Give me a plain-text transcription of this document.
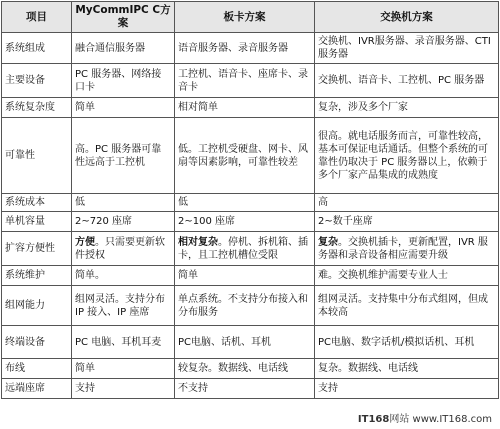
项目	MyCommIPC C方案	板卡方案	交换机方案
系统组成	融合通信服务器	语音服务器、录音服务器	交换机、IVR服务器、录音服务器、CTI 服务器
主要设备	PC 服务器、网络接口卡	工控机、语音卡、座席卡、录音卡	交换机、语音卡、工控机、PC 服务器
系统复杂度	简单	相对简单	复杂，涉及多个厂家
可靠性	高。PC 服务器可靠性远高于工控机	低。工控机受硬盘、网卡、风扇等因素影响，可靠性较差	很高。就电话服务而言，可靠性较高，基本可保证电话通话。但整个系统的可靠性仍取决于 PC 服务器以上，依赖于多个厂家产品集成的成熟度
系统成本	低	低	高
单机容量	2~720 座席	2~100 座席	2~数千座席
扩容方便性	方便。只需要更新软件授权	相对复杂。停机、拆机箱、插卡，且工控机槽位受限	复杂。交换机插卡，更新配置，IVR 服务器和录音设备相应需要升级
系统维护	简单。	简单	难。交换机维护需要专业人士
组网能力	组网灵活。支持分布 IP 接入、IP 座席	单点系统。不支持分布接入和分布服务	组网灵活。支持集中分布式组网，但成本较高
终端设备	PC 电脑、耳机耳麦	PC电脑、话机、耳机	PC电脑、数字话机/模拟话机、耳机
布线	简单	较复杂。数据线、电话线	复杂。数据线、电话线
远端座席	支持	不支持	支持
IT168网站 www.IT168.com
